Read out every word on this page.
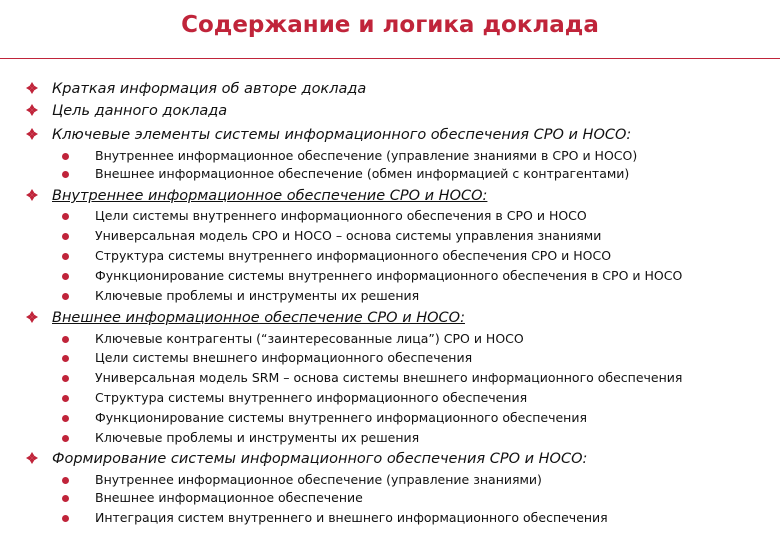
Содержание и логика доклада
Краткая информация об авторе доклада
Цель данного доклада
Ключевые элементы системы информационного обеспечения СРО и НОСО:
Внутреннее информационное обеспечение (управление знаниями в СРО и НОСО)
Внешнее информационное обеспечение (обмен информацией с контрагентами)
Внутреннее информационное обеспечение СРО и НОСО:
Цели системы внутреннего информационного обеспечения в СРО и НОСО
Универсальная модель СРО и НОСО – основа системы управления знаниями
Структура системы внутреннего информационного обеспечения СРО и НОСО
Функционирование системы внутреннего информационного обеспечения в СРО и НОСО
Ключевые проблемы и инструменты их решения
Внешнее информационное обеспечение СРО и НОСО:
Ключевые контрагенты (“заинтересованные лица”) СРО и НОСО
Цели системы внешнего информационного обеспечения
Универсальная модель SRM – основа системы внешнего информационного обеспечения
Структура системы внутреннего информационного обеспечения
Функционирование системы внутреннего информационного обеспечения
Ключевые проблемы и инструменты их решения
Формирование системы информационного обеспечения СРО и НОСО:
Внутреннее информационное обеспечение (управление знаниями)
Внешнее информационное обеспечение
Интеграция систем внутреннего и внешнего информационного обеспечения
